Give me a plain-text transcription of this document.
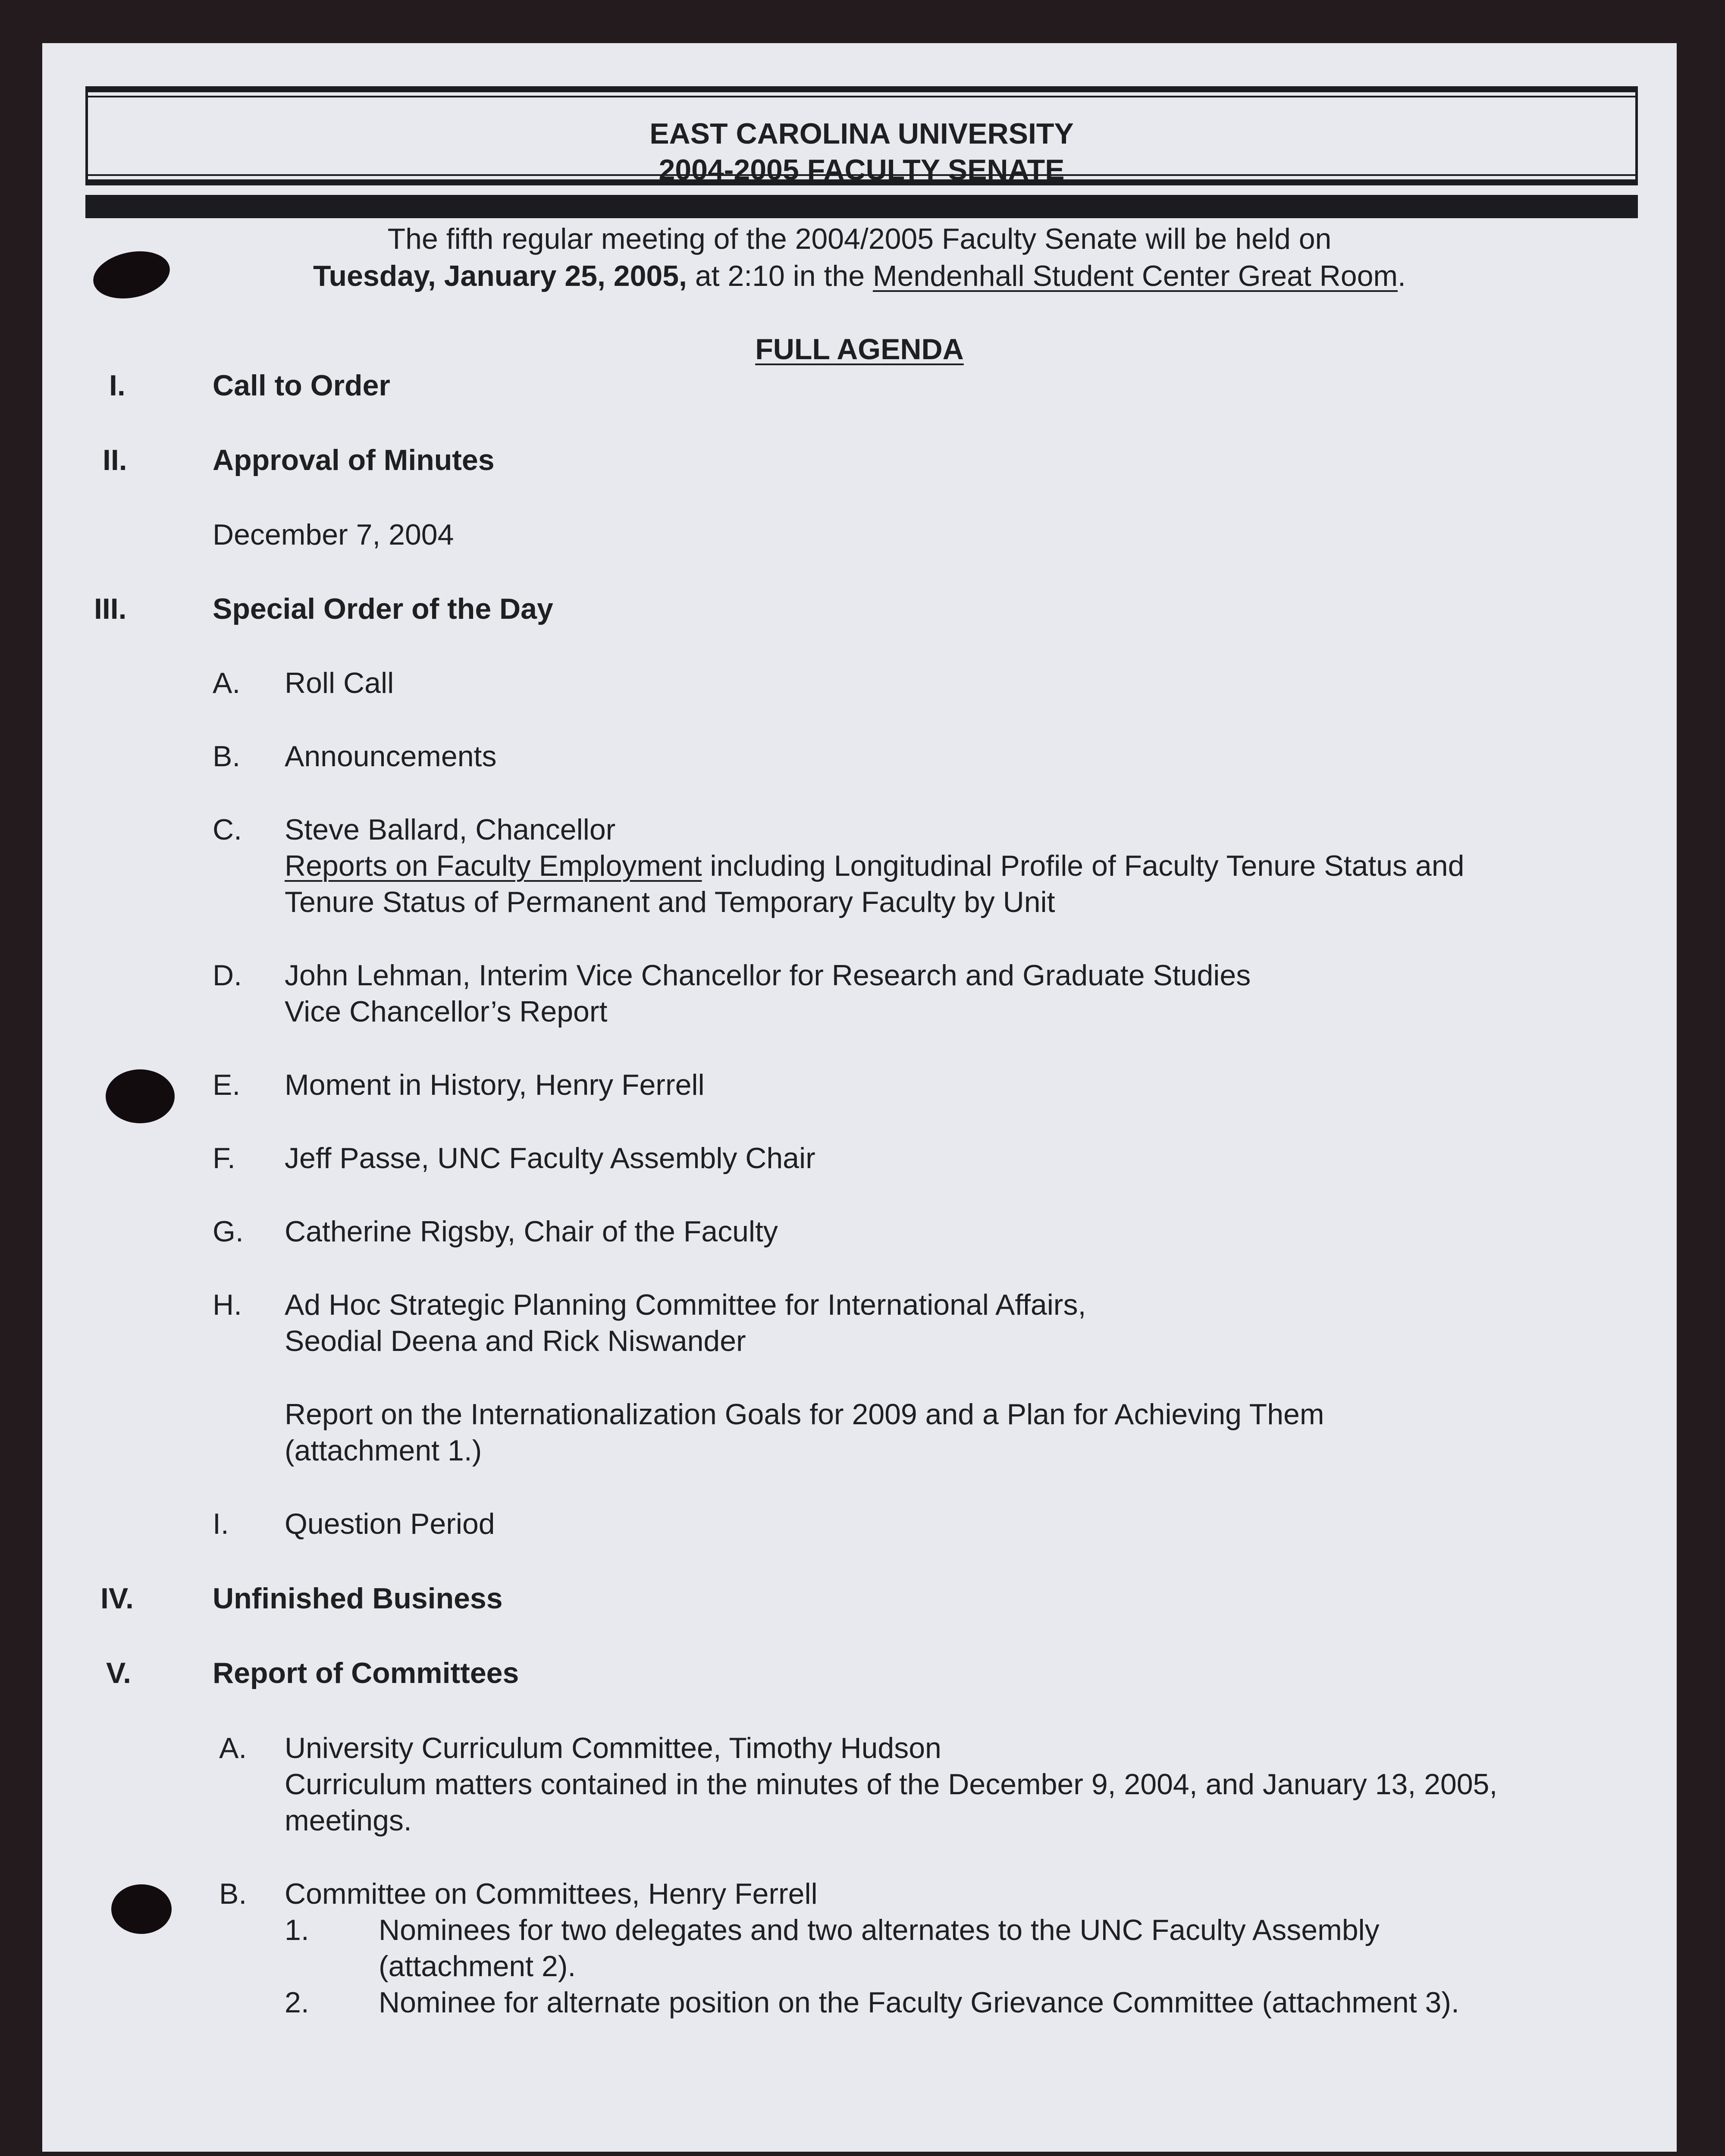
EAST CAROLINA UNIVERSITY
2004-2005 FACULTY SENATE
The fifth regular meeting of the 2004/2005 Faculty Senate will be held on
Tuesday, January 25, 2005, at 2:10 in the Mendenhall Student Center Great Room.
FULL AGENDA
I.	Call to Order
II.	Approval of Minutes
December 7, 2004
III.	Special Order of the Day
A. Roll Call
B. Announcements
C. Steve Ballard, Chancellor
Reports on Faculty Employment including Longitudinal Profile of Faculty Tenure Status and
Tenure Status of Permanent and Temporary Faculty by Unit
D. John Lehman, Interim Vice Chancellor for Research and Graduate Studies
Vice Chancellor’s Report
E. Moment in History, Henry Ferrell
F. Jeff Passe, UNC Faculty Assembly Chair
G. Catherine Rigsby, Chair of the Faculty
H. Ad Hoc Strategic Planning Committee for International Affairs,
Seodial Deena and Rick Niswander
Report on the Internationalization Goals for 2009 and a Plan for Achieving Them
(attachment 1.)
I. Question Period
IV.	Unfinished Business
V.	Report of Committees
A. University Curriculum Committee, Timothy Hudson
Curriculum matters contained in the minutes of the December 9, 2004, and January 13, 2005,
meetings.
B. Committee on Committees, Henry Ferrell
1. Nominees for two delegates and two alternates to the UNC Faculty Assembly
(attachment 2).
2. Nominee for alternate position on the Faculty Grievance Committee (attachment 3).
